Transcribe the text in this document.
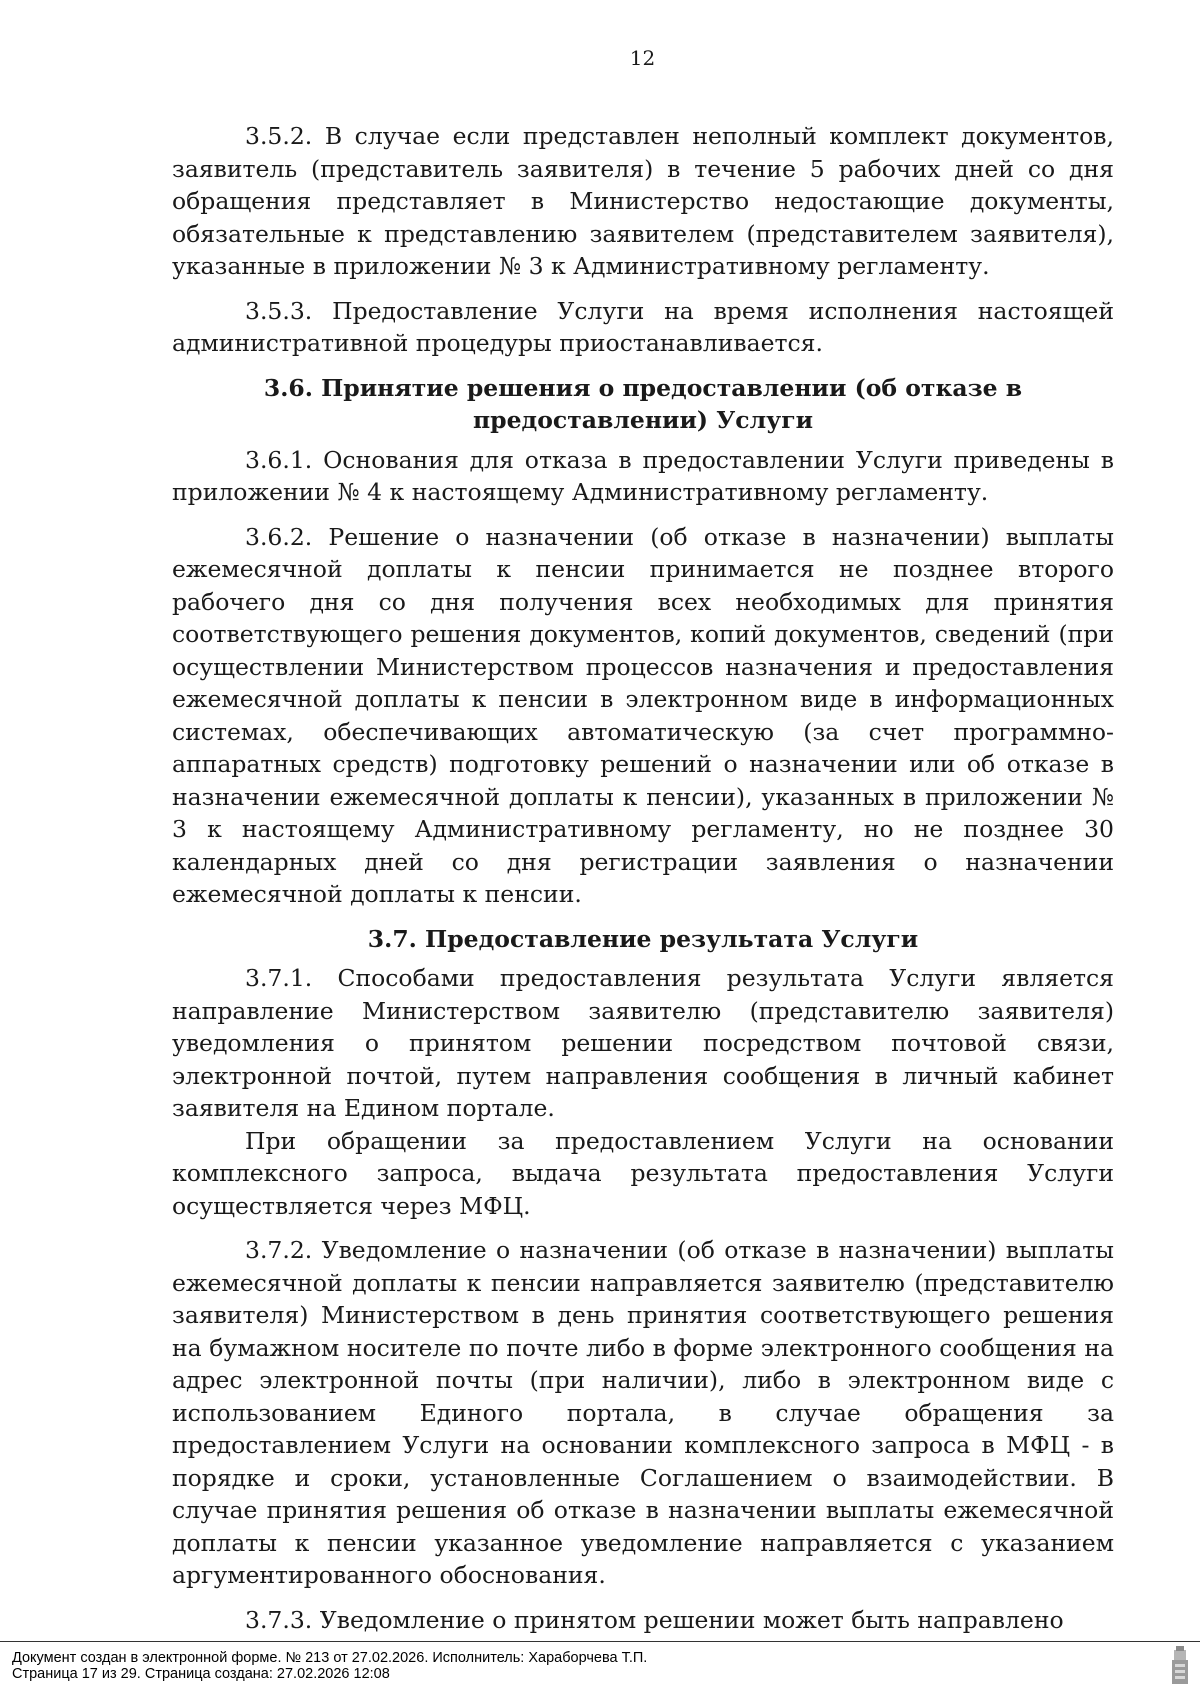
12

3.5.2. В случае если представлен неполный комплект документов, заявитель (представитель заявителя) в течение 5 рабочих дней со дня обращения представляет в Министерство недостающие документы, обязательные к представлению заявителем (представителем заявителя), указанные в приложении № 3 к Административному регламенту.

3.5.3. Предоставление Услуги на время исполнения настоящей административной процедуры приостанавливается.

3.6. Принятие решения о предоставлении (об отказе в предоставлении) Услуги

3.6.1. Основания для отказа в предоставлении Услуги приведены в приложении № 4 к настоящему Административному регламенту.

3.6.2. Решение о назначении (об отказе в назначении) выплаты ежемесячной доплаты к пенсии принимается не позднее второго рабочего дня со дня получения всех необходимых для принятия соответствующего решения документов, копий документов, сведений (при осуществлении Министерством процессов назначения и предоставления ежемесячной доплаты к пенсии в электронном виде в информационных системах, обеспечивающих автоматическую (за счет программно-аппаратных средств) подготовку решений о назначении или об отказе в назначении ежемесячной доплаты к пенсии), указанных в приложении № 3 к настоящему Административному регламенту, но не позднее 30 календарных дней со дня регистрации заявления о назначении ежемесячной доплаты к пенсии.

3.7. Предоставление результата Услуги

3.7.1. Способами предоставления результата Услуги является направление Министерством заявителю (представителю заявителя) уведомления о принятом решении посредством почтовой связи, электронной почтой, путем направления сообщения в личный кабинет заявителя на Едином портале.

При обращении за предоставлением Услуги на основании комплексного запроса, выдача результата предоставления Услуги осуществляется через МФЦ.

3.7.2. Уведомление о назначении (об отказе в назначении) выплаты ежемесячной доплаты к пенсии направляется заявителю (представителю заявителя) Министерством в день принятия соответствующего решения на бумажном носителе по почте либо в форме электронного сообщения на адрес электронной почты (при наличии), либо в электронном виде с использованием Единого портала, в случае обращения за предоставлением Услуги на основании комплексного запроса в МФЦ - в порядке и сроки, установленные Соглашением о взаимодействии. В случае принятия решения об отказе в назначении выплаты ежемесячной доплаты к пенсии указанное уведомление направляется с указанием аргументированного обоснования.

3.7.3. Уведомление о принятом решении может быть направлено

Документ создан в электронной форме. № 213 от 27.02.2026. Исполнитель: Хараборчева Т.П.
Страница 17 из 29. Страница создана: 27.02.2026 12:08
